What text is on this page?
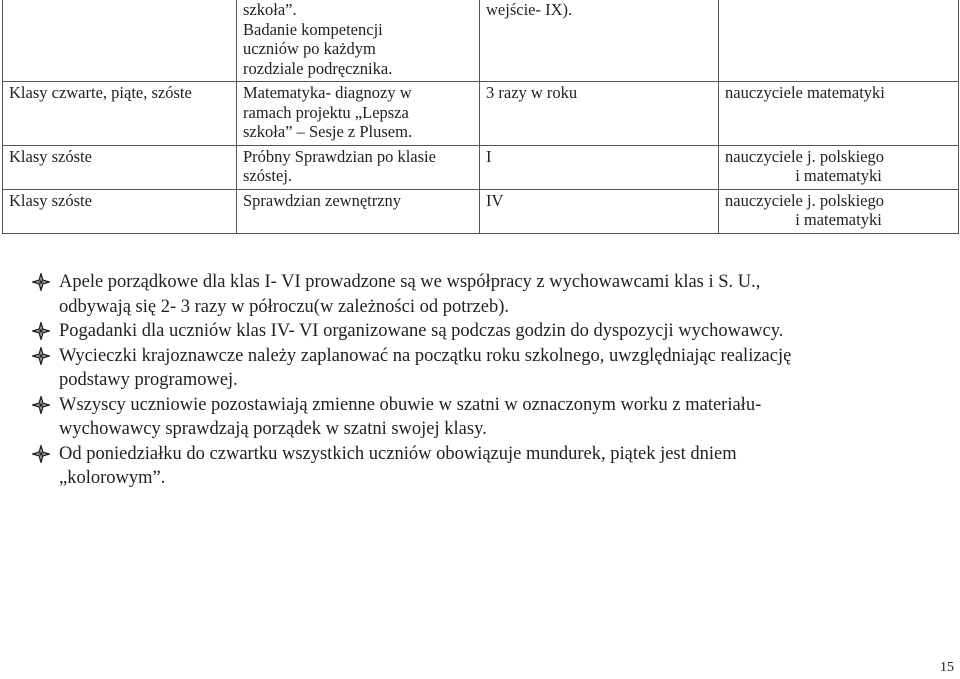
	szkoła”.
Badanie kompetencji
uczniów po każdym
rozdziale podręcznika.	wejście- IX).	
Klasy czwarte, piąte, szóste	Matematyka- diagnozy w
ramach projektu „Lepsza
szkoła” – Sesje z Plusem.	3 razy w roku	nauczyciele matematyki
Klasy szóste	Próbny Sprawdzian po klasie
szóstej.	I	nauczyciele j. polskiego
i matematyki

Klasy szóste	Sprawdzian zewnętrzny	IV	nauczyciele j. polskiego
i matematyki
Apele porządkowe dla klas I- VI prowadzone są we współpracy z wychowawcami klas i S. U.,
odbywają się 2- 3 razy w półroczu(w zależności od potrzeb).
Pogadanki dla uczniów klas IV- VI organizowane są podczas godzin do dyspozycji wychowawcy.
Wycieczki krajoznawcze należy zaplanować na początku roku szkolnego, uwzględniając realizację
podstawy programowej.
Wszyscy uczniowie pozostawiają zmienne obuwie w szatni w oznaczonym worku z materiału-
wychowawcy sprawdzają porządek w szatni swojej klasy.
Od poniedziałku do czwartku wszystkich uczniów obowiązuje mundurek, piątek jest dniem
„kolorowym”.
15
